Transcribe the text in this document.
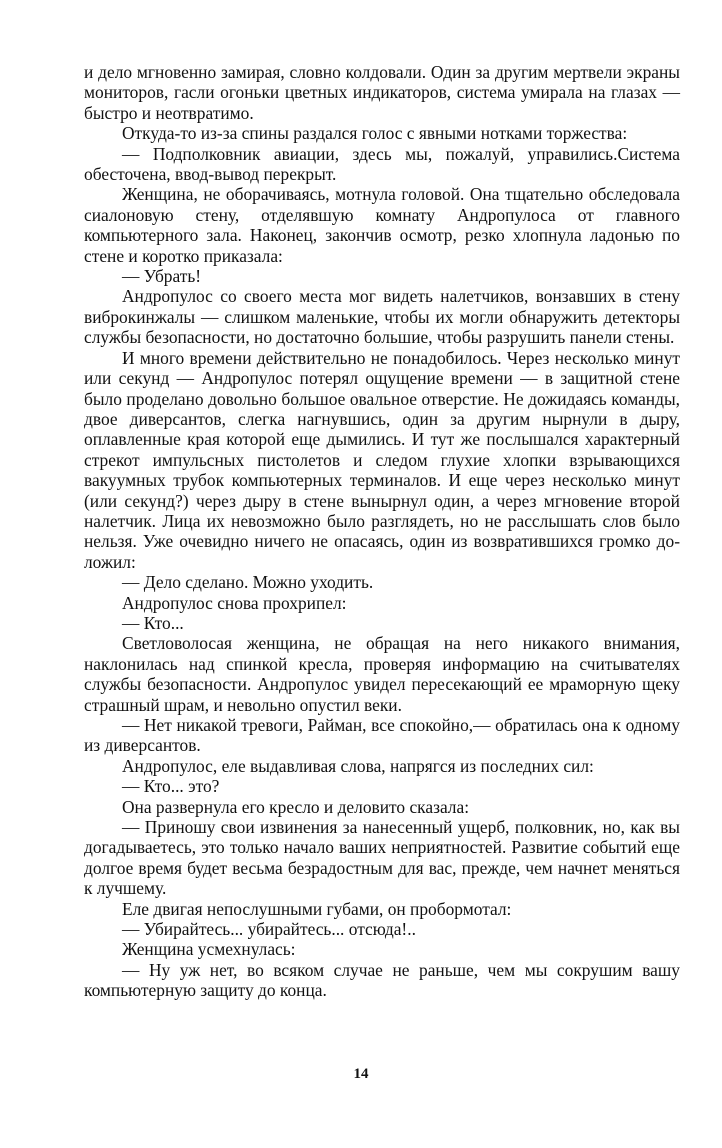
и дело мгновенно замирая, словно колдовали. Один за другим мертвели экраны мониторов, гасли огоньки цветных индикаторов, система умирала на глазах — быстро и неотвратимо.

Откуда-то из-за спины раздался голос с явными нотками торжества:

— Подполковник авиации, здесь мы, пожалуй, управились.Система обесточена, ввод-вывод перекрыт.

Женщина, не оборачиваясь, мотнула головой. Она тщательно обследовала сиалоновую стену, отделявшую комнату Андропулоса от главного компьютерного зала. Наконец, закончив осмотр, резко хлопнула ладонью по стене и коротко приказала:

— Убрать!

Андропулос со своего места мог видеть налетчиков, вонзавших в стену виброкинжалы — слишком маленькие, чтобы их могли обнаружить детекторы службы безопасности, но достаточно большие, чтобы разрушить панели стены.

И много времени действительно не понадобилось. Через несколько минут или секунд — Андропулос потерял ощущение времени — в защитной стене было проделано довольно большое овальное отверстие. Не дожидаясь команды, двое диверсантов, слегка нагнувшись, один за другим нырнули в дыру, оплавленные края которой еще дымились. И тут же послышался характерный стрекот импульсных пистолетов и следом глухие хлопки взрывающихся вакуумных трубок компьютерных терминалов. И еще через несколько минут (или секунд?) через дыру в стене вынырнул один, а через мгновение второй налетчик. Лица их невозможно было разглядеть, но не расслышать слов было нельзя. Уже очевидно ничего не опасаясь, один из возвратившихся громко доложил:

— Дело сделано. Можно уходить.

Андропулос снова прохрипел:

— Кто...

Светловолосая женщина, не обращая на него никакого внимания, наклонилась над спинкой кресла, проверяя информацию на считывателях службы безопасности. Андропулос увидел пересекающий ее мраморную щеку страшный шрам, и невольно опустил веки.

— Нет никакой тревоги, Райман, все спокойно,— обратилась она к одному из диверсантов.

Андропулос, еле выдавливая слова, напрягся из последних сил:

— Кто... это?

Она развернула его кресло и деловито сказала:

— Приношу свои извинения за нанесенный ущерб, полковник, но, как вы догадываетесь, это только начало ваших неприятностей. Развитие событий еще долгое время будет весьма безрадостным для вас, прежде, чем начнет меняться к лучшему.

Еле двигая непослушными губами, он пробормотал:

— Убирайтесь... убирайтесь... отсюда!..

Женщина усмехнулась:

— Ну уж нет, во всяком случае не раньше, чем мы сокрушим вашу компьютерную защиту до конца.

14
